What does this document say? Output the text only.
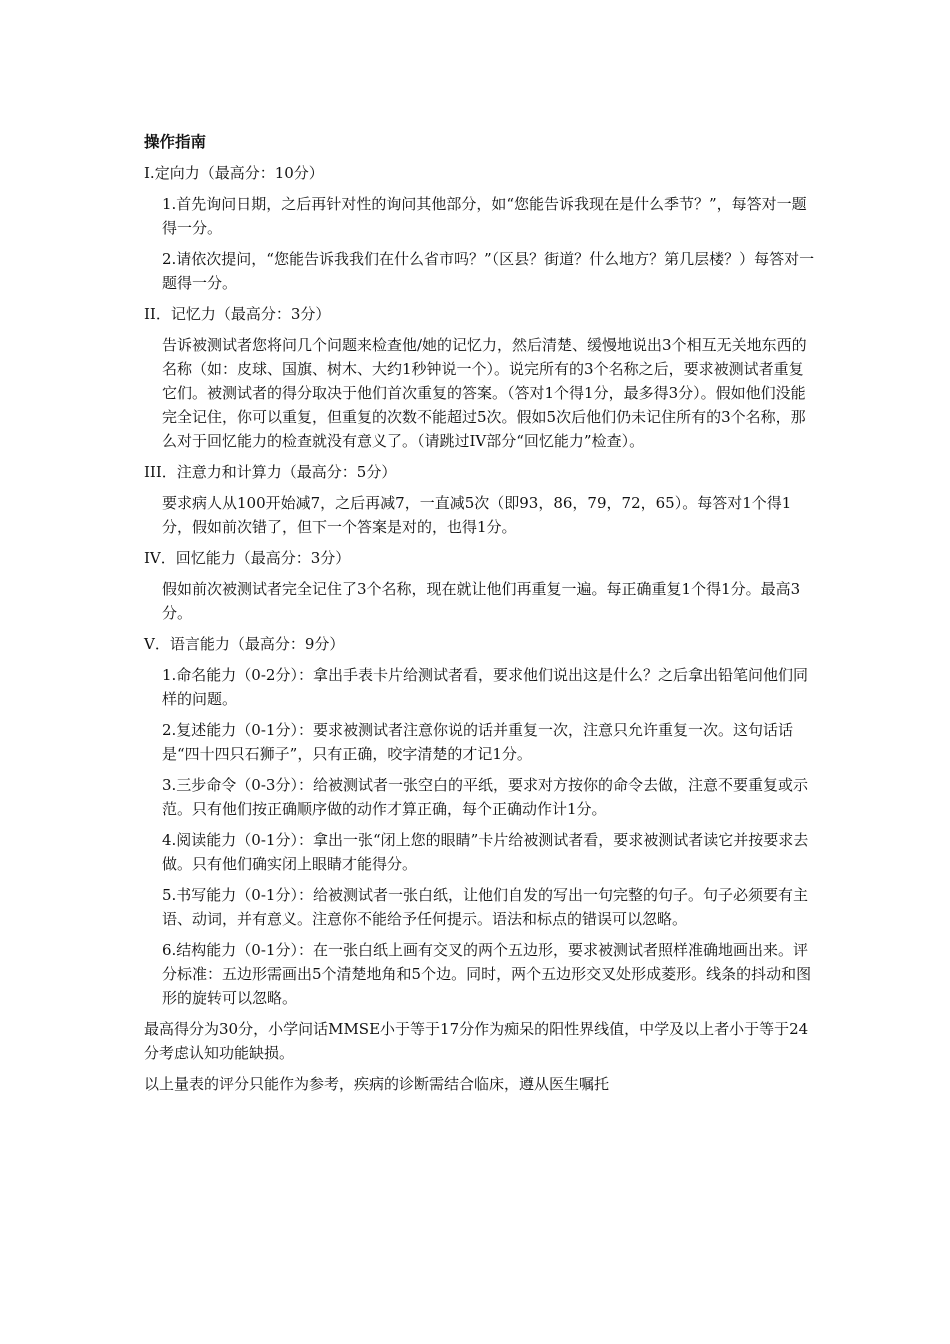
操作指南
I.定向力（最高分：10分）
1.首先询问日期，之后再针对性的询问其他部分，如“您能告诉我现在是什么季节？”，每答对一题得一分。
2.请依次提问，“您能告诉我我们在什么省市吗？”（区县？街道？什么地方？第几层楼？）每答对一题得一分。
II．记忆力（最高分：3分）
告诉被测试者您将问几个问题来检查他/她的记忆力，然后清楚、缓慢地说出3个相互无关地东西的名称（如：皮球、国旗、树木、大约1秒钟说一个）。说完所有的3个名称之后，要求被测试者重复它们。被测试者的得分取决于他们首次重复的答案。（答对1个得1分，最多得3分）。假如他们没能完全记住，你可以重复，但重复的次数不能超过5次。假如5次后他们仍未记住所有的3个名称，那么对于回忆能力的检查就没有意义了。（请跳过IV部分“回忆能力”检查）。
III．注意力和计算力（最高分：5分）
要求病人从100开始减7，之后再减7，一直减5次（即93，86，79，72，65）。每答对1个得1分，假如前次错了，但下一个答案是对的，也得1分。
IV．回忆能力（最高分：3分）
假如前次被测试者完全记住了3个名称，现在就让他们再重复一遍。每正确重复1个得1分。最高3分。
V．语言能力（最高分：9分）
1.命名能力（0-2分）：拿出手表卡片给测试者看，要求他们说出这是什么？之后拿出铅笔问他们同样的问题。
2.复述能力（0-1分）：要求被测试者注意你说的话并重复一次，注意只允许重复一次。这句话话是“四十四只石狮子”，只有正确，咬字清楚的才记1分。
3.三步命令（0-3分）：给被测试者一张空白的平纸，要求对方按你的命令去做，注意不要重复或示范。只有他们按正确顺序做的动作才算正确，每个正确动作计1分。
4.阅读能力（0-1分）：拿出一张“闭上您的眼睛”卡片给被测试者看，要求被测试者读它并按要求去做。只有他们确实闭上眼睛才能得分。
5.书写能力（0-1分）：给被测试者一张白纸，让他们自发的写出一句完整的句子。句子必须要有主语、动词，并有意义。注意你不能给予任何提示。语法和标点的错误可以忽略。
6.结构能力（0-1分）：在一张白纸上画有交叉的两个五边形，要求被测试者照样准确地画出来。评分标准：五边形需画出5个清楚地角和5个边。同时，两个五边形交叉处形成菱形。线条的抖动和图形的旋转可以忽略。
最高得分为30分，小学问话MMSE小于等于17分作为痴呆的阳性界线值，中学及以上者小于等于24分考虑认知功能缺损。
以上量表的评分只能作为参考，疾病的诊断需结合临床，遵从医生嘱托
